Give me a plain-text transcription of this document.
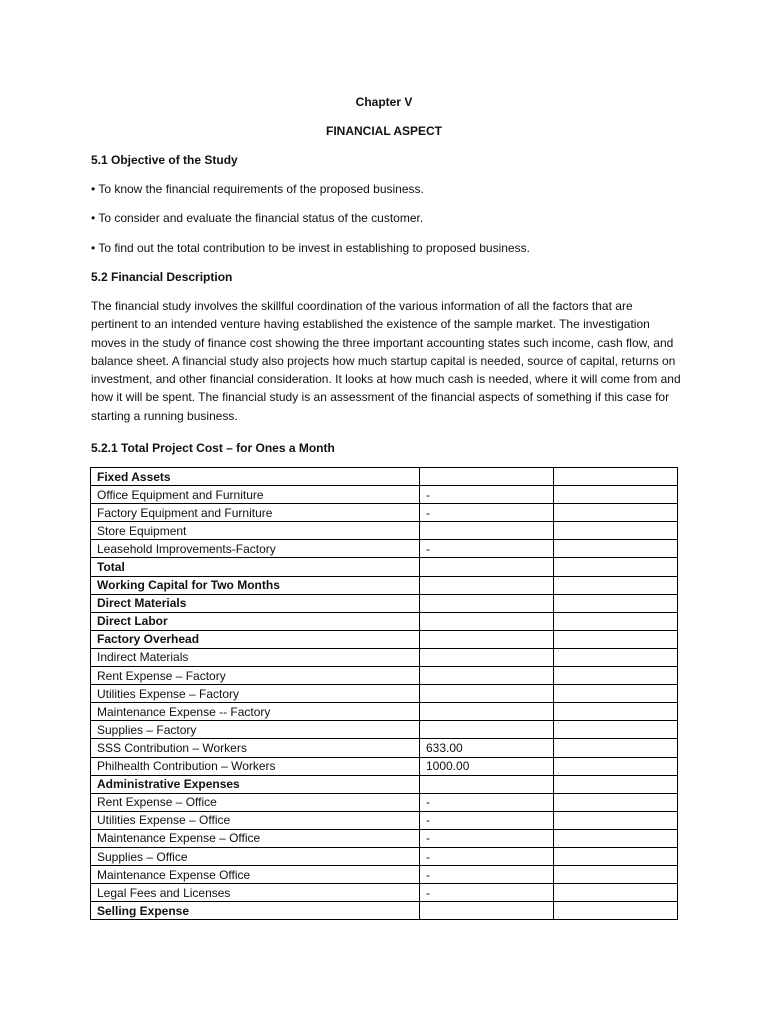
Chapter V
FINANCIAL ASPECT
5.1 Objective of the Study
• To know the financial requirements of the proposed business.
• To consider and evaluate the financial status of the customer.
• To find out the total contribution to be invest in establishing to proposed business.
5.2 Financial Description

The financial study involves the skillful coordination of the various information of all the factors that are pertinent to an intended venture having established the existence of the sample market. The investigation moves in the study of finance cost showing the three important accounting states such income, cash flow, and balance sheet. A financial study also projects how much startup capital is needed, source of capital, returns on investment, and other financial consideration. It looks at how much cash is needed, where it will come from and how it will be spent. The financial study is an assessment of the financial aspects of something if this case for starting a running business.

5.2.1 Total Project Cost – for Ones a Month
Fixed Assets		
Office Equipment and Furniture	-	
Factory Equipment and Furniture	-	
Store Equipment		
Leasehold Improvements-Factory	-	
Total		
Working Capital for Two Months		
Direct Materials		
Direct Labor		
Factory Overhead		
Indirect Materials		
Rent Expense – Factory		
Utilities Expense – Factory		
Maintenance Expense -- Factory		
Supplies – Factory		
SSS Contribution – Workers	633.00	
Philhealth Contribution – Workers	1000.00	
Administrative Expenses		
Rent Expense – Office	-	
Utilities Expense – Office	-	
Maintenance Expense – Office	-	
Supplies – Office	-	
Maintenance Expense Office	-	
Legal Fees and Licenses	-	
Selling Expense		
